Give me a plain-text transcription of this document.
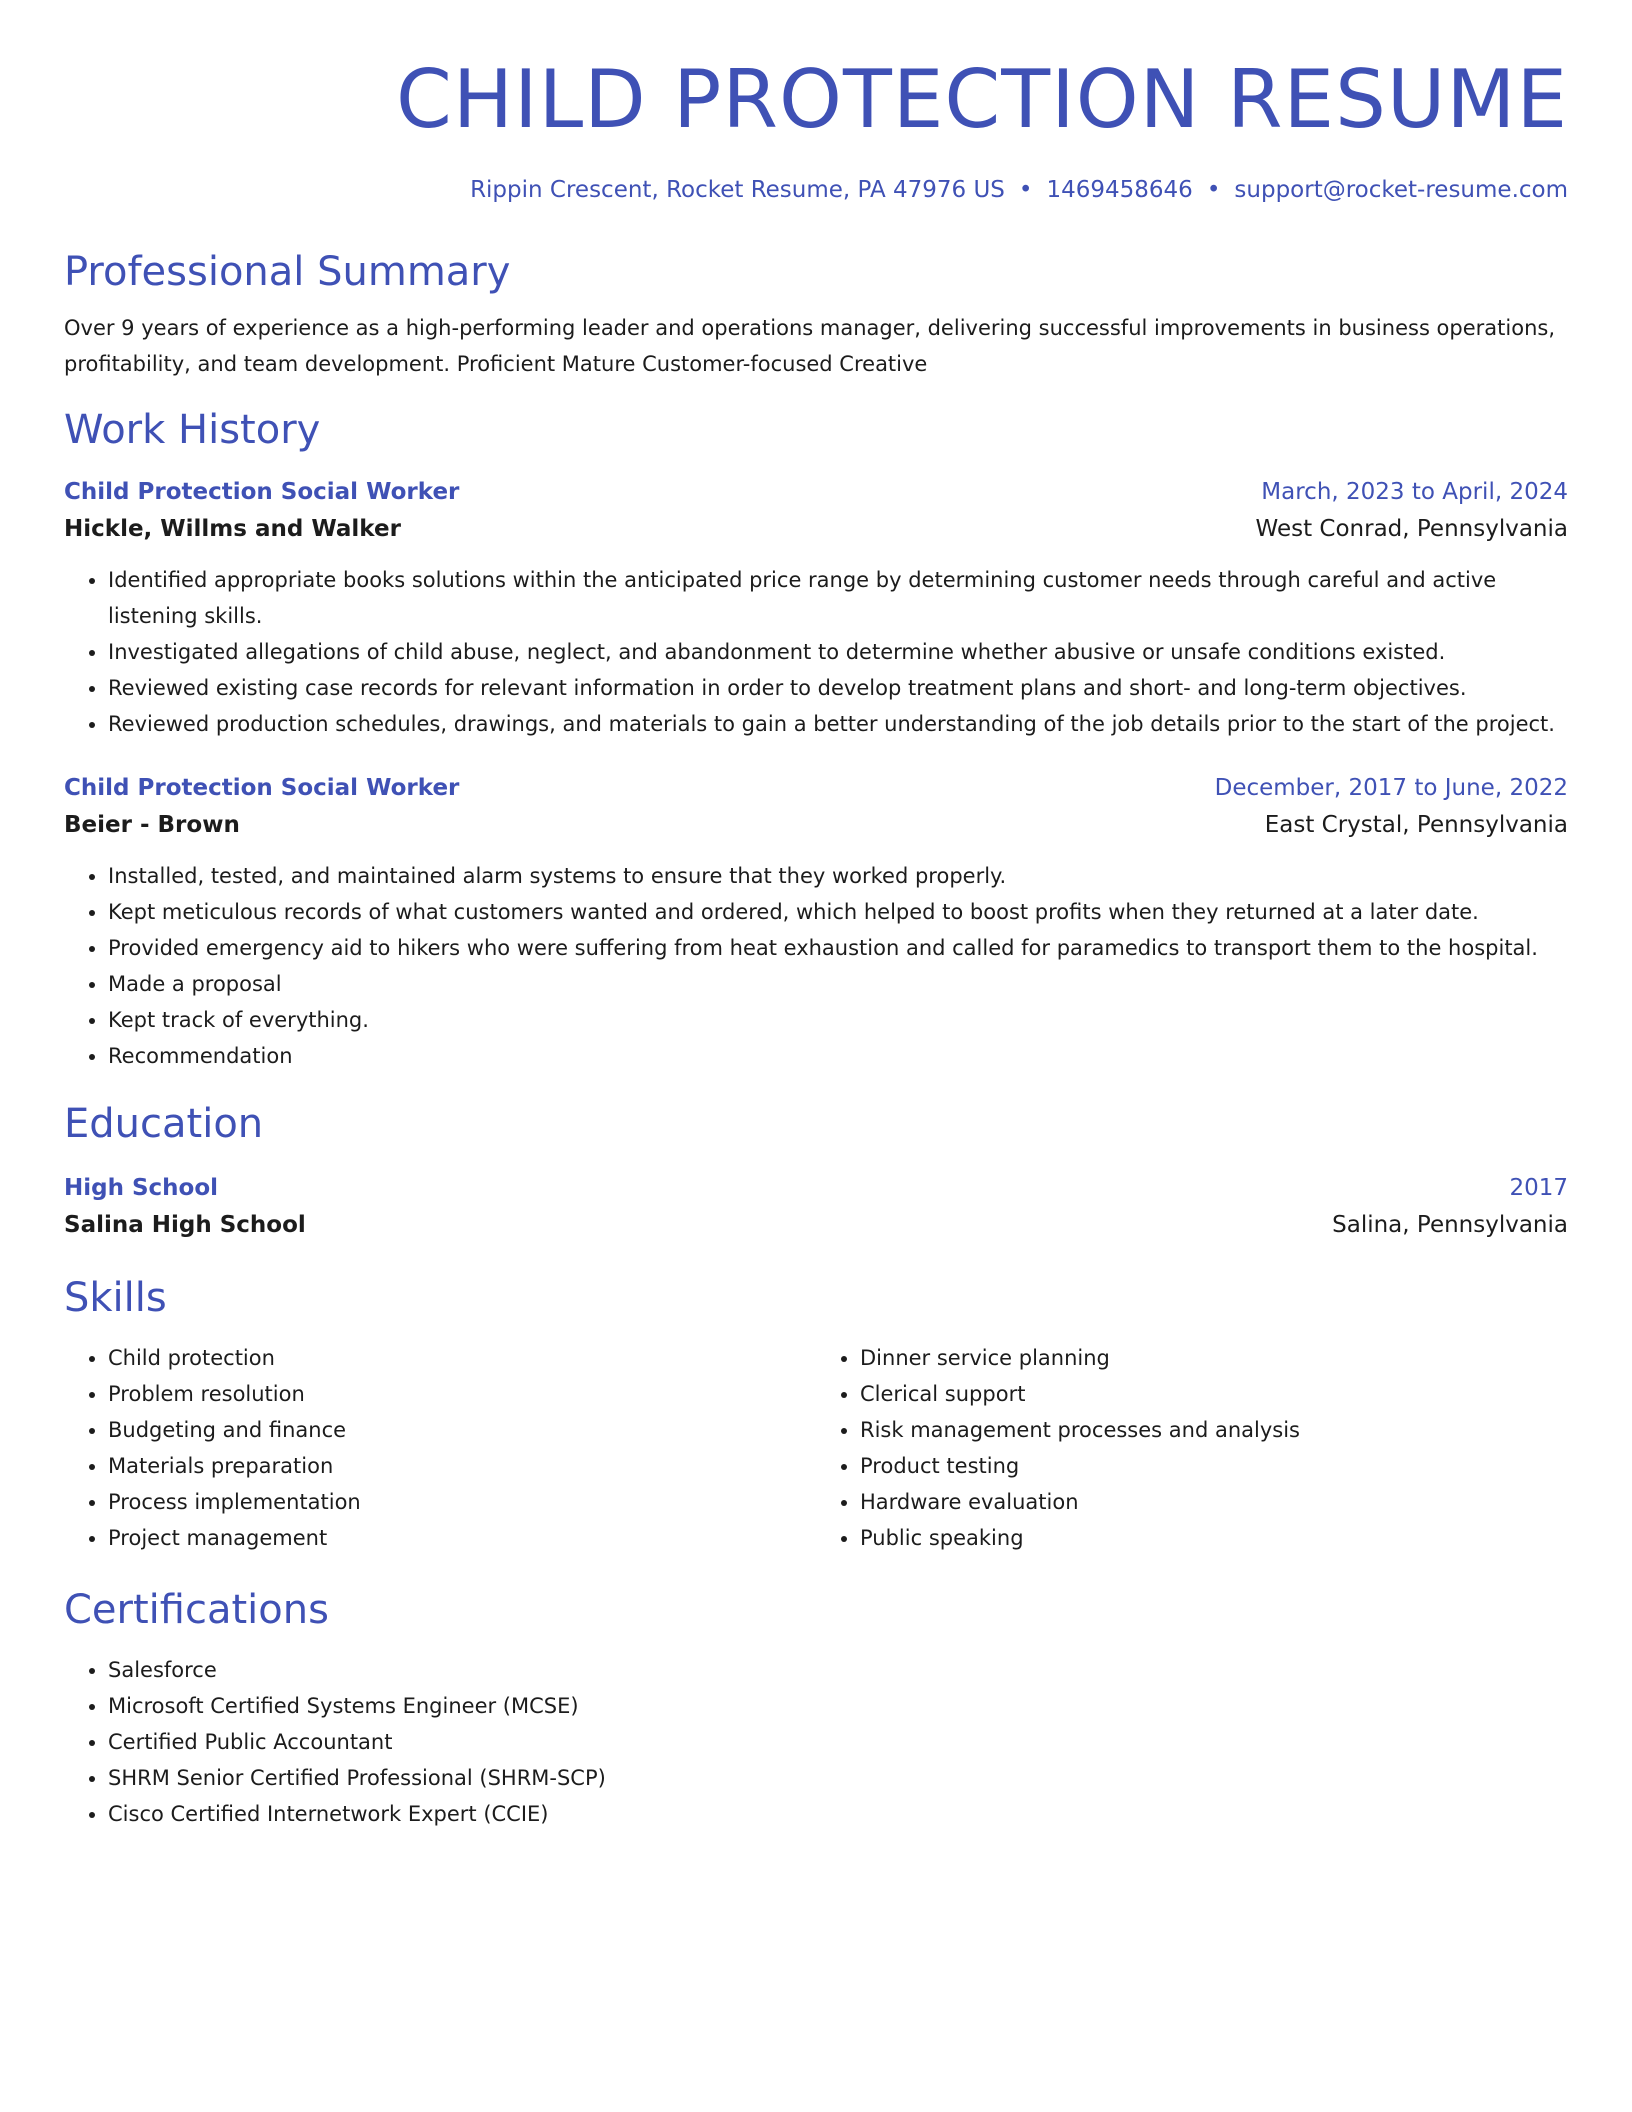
CHILD PROTECTION RESUME
Rippin Crescent, Rocket Resume, PA 47976 US • 1469458646 • support@rocket-resume.com
Professional Summary
Over 9 years of experience as a high-performing leader and operations manager, delivering successful improvements in business operations, profitability, and team development. Proficient Mature Customer-focused Creative
Work History
Child Protection Social Worker	March, 2023 to April, 2024
Hickle, Willms and Walker	West Conrad, Pennsylvania
• Identified appropriate books solutions within the anticipated price range by determining customer needs through careful and active listening skills.
• Investigated allegations of child abuse, neglect, and abandonment to determine whether abusive or unsafe conditions existed.
• Reviewed existing case records for relevant information in order to develop treatment plans and short- and long-term objectives.
• Reviewed production schedules, drawings, and materials to gain a better understanding of the job details prior to the start of the project.
Child Protection Social Worker	December, 2017 to June, 2022
Beier - Brown	East Crystal, Pennsylvania
• Installed, tested, and maintained alarm systems to ensure that they worked properly.
• Kept meticulous records of what customers wanted and ordered, which helped to boost profits when they returned at a later date.
• Provided emergency aid to hikers who were suffering from heat exhaustion and called for paramedics to transport them to the hospital.
• Made a proposal
• Kept track of everything.
• Recommendation
Education
High School	2017
Salina High School	Salina, Pennsylvania
Skills
• Child protection
• Problem resolution
• Budgeting and finance
• Materials preparation
• Process implementation
• Project management
• Dinner service planning
• Clerical support
• Risk management processes and analysis
• Product testing
• Hardware evaluation
• Public speaking
Certifications
• Salesforce
• Microsoft Certified Systems Engineer (MCSE)
• Certified Public Accountant
• SHRM Senior Certified Professional (SHRM-SCP)
• Cisco Certified Internetwork Expert (CCIE)
